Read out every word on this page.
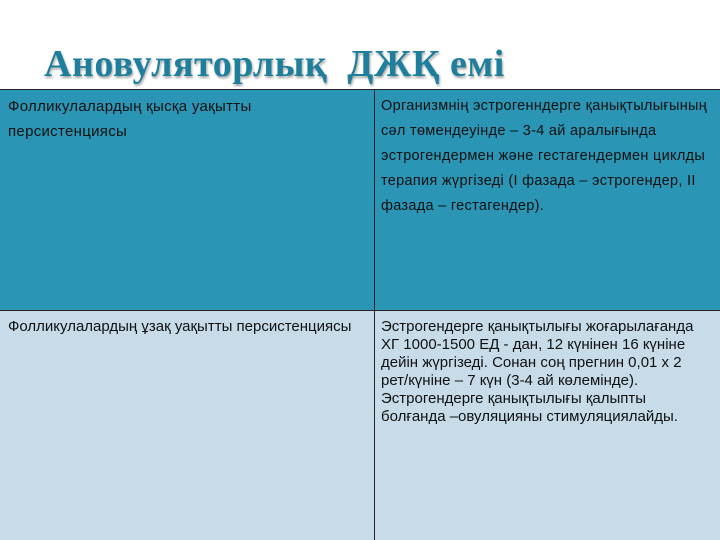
Ановуляторлық  ДЖҚ емі
Фолликулалардың қысқа уақытты персистенциясы
Организмнің эстрогенндерге қанықтылығының сәл төмендеуінде – 3-4 ай аралығында эстрогендермен және гестагендермен циклды терапия жүргізеді (I фазада – эстрогендер, II фазада – гестагендер).
Фолликулалардың ұзақ уақытты персистенциясы	Эстрогендерге қанықтылығы жоғарылағанда ХГ 1000-1500 ЕД - дан, 12 күнінен 16 күніне дейін жүргізеді. Сонан соң прегнин 0,01 х 2 рет/күніне – 7 күн (3-4 ай көлемінде). Эстрогендерге қанықтылығы қалыпты болғанда –овуляцияны стимуляциялайды.
